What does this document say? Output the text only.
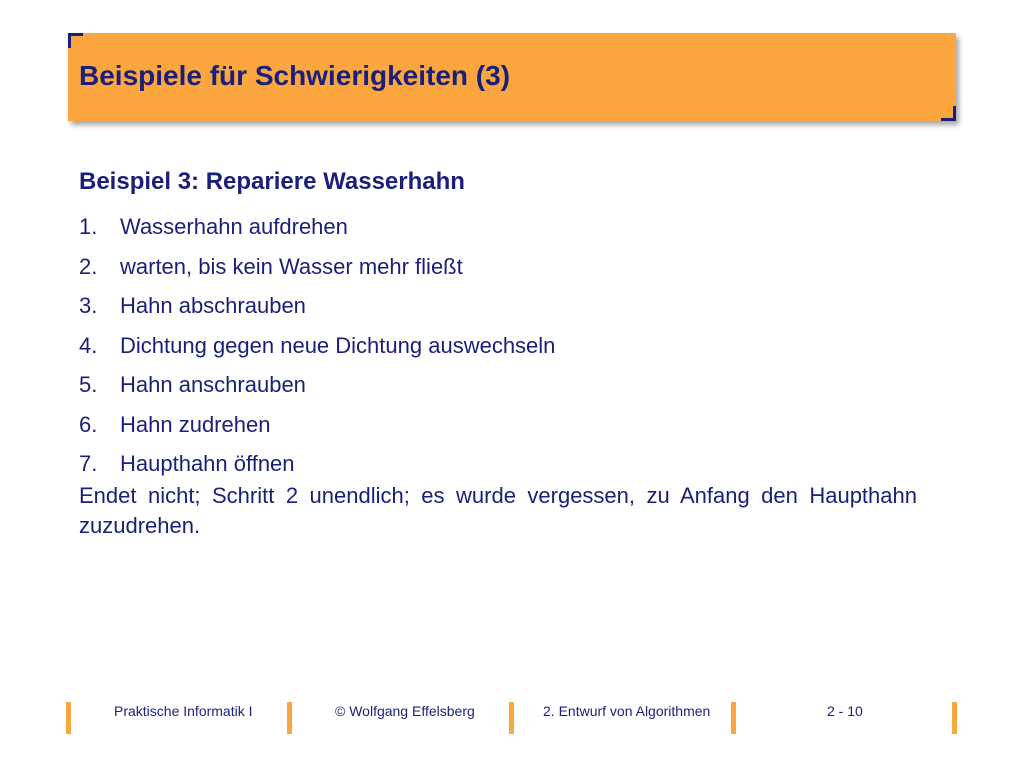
Beispiele für Schwierigkeiten (3)
Beispiel 3: Repariere Wasserhahn
1.	Wasserhahn aufdrehen
2.	warten, bis kein Wasser mehr fließt
3.	Hahn abschrauben
4.	Dichtung gegen neue Dichtung auswechseln
5.	Hahn anschrauben
6.	Hahn zudrehen
7.	Haupthahn öffnen

Endet nicht; Schritt 2 unendlich; es wurde vergessen, zu Anfang den Haupthahn zuzudrehen.

Praktische Informatik I	© Wolfgang Effelsberg	2. Entwurf von Algorithmen	2 - 10
